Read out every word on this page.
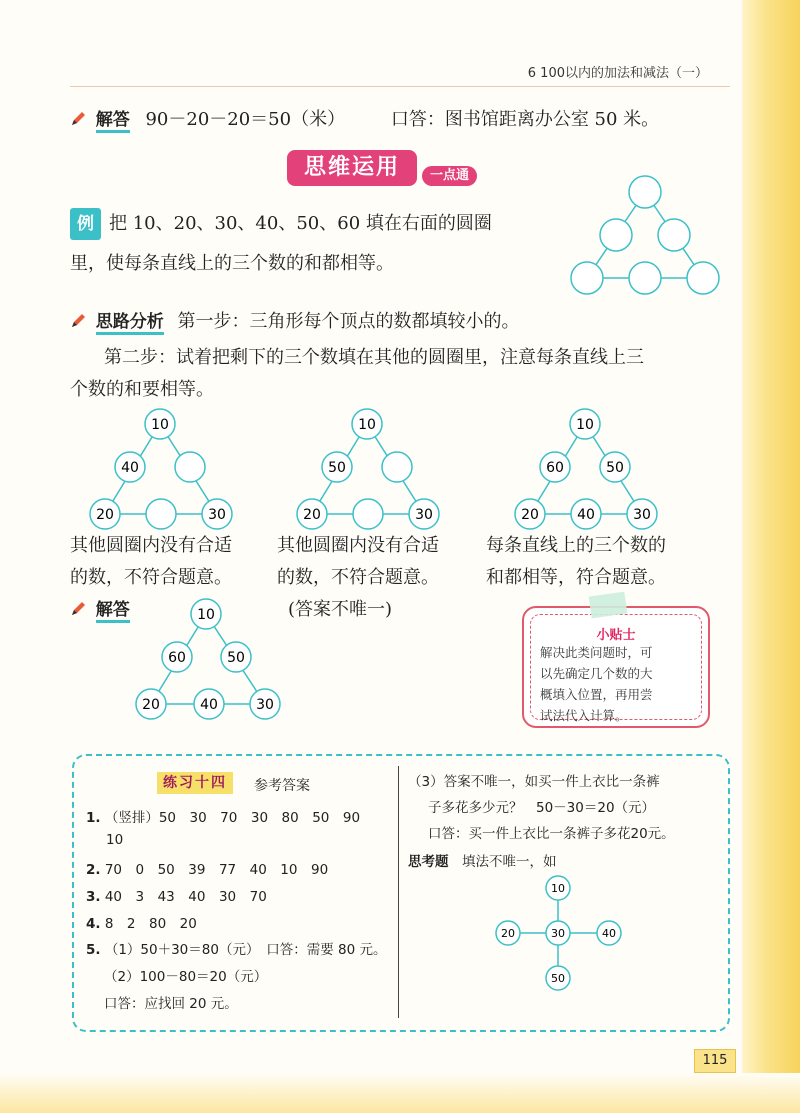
6 100以内的加法和减法（一）
解答 90－20－20＝50（米）	口答：图书馆距离办公室 50 米。
思维运用	一点通
例 把 10、20、30、40、50、60 填在右面的圆圈
里，使每条直线上的三个数的和都相等。
思路分析 第一步：三角形每个顶点的数都填较小的。
第二步：试着把剩下的三个数填在其他的圆圈里，注意每条直线上三
个数的和要相等。
10
40
20	30
10
50
20	30
10
60	50
20	40	30
其他圆圈内没有合适
的数，不符合题意。
其他圆圈内没有合适
的数，不符合题意。
每条直线上的三个数的
和都相等，符合题意。
解答	(答案不唯一)
10
60	50
20	40	30
小贴士
解决此类问题时，可
以先确定几个数的大
概填入位置，再用尝
试法代入计算。
练习十四	参考答案
1. （竖排）50　30　70　30　80　50　90
10
2. 70　0　50　39　77　40　10　90
3. 40　3　43　40　30　70
4. 8　2　80　20
5. （1）50＋30＝80（元）　口答：需要 80 元。
（2）100－80＝20（元）
口答：应找回 20 元。
（3）答案不唯一，如买一件上衣比一条裤
子多花多少元？　50－30＝20（元）
口答：买一件上衣比一条裤子多花20元。
思考题　 填法不唯一，如
10
20	30	40
50
115
